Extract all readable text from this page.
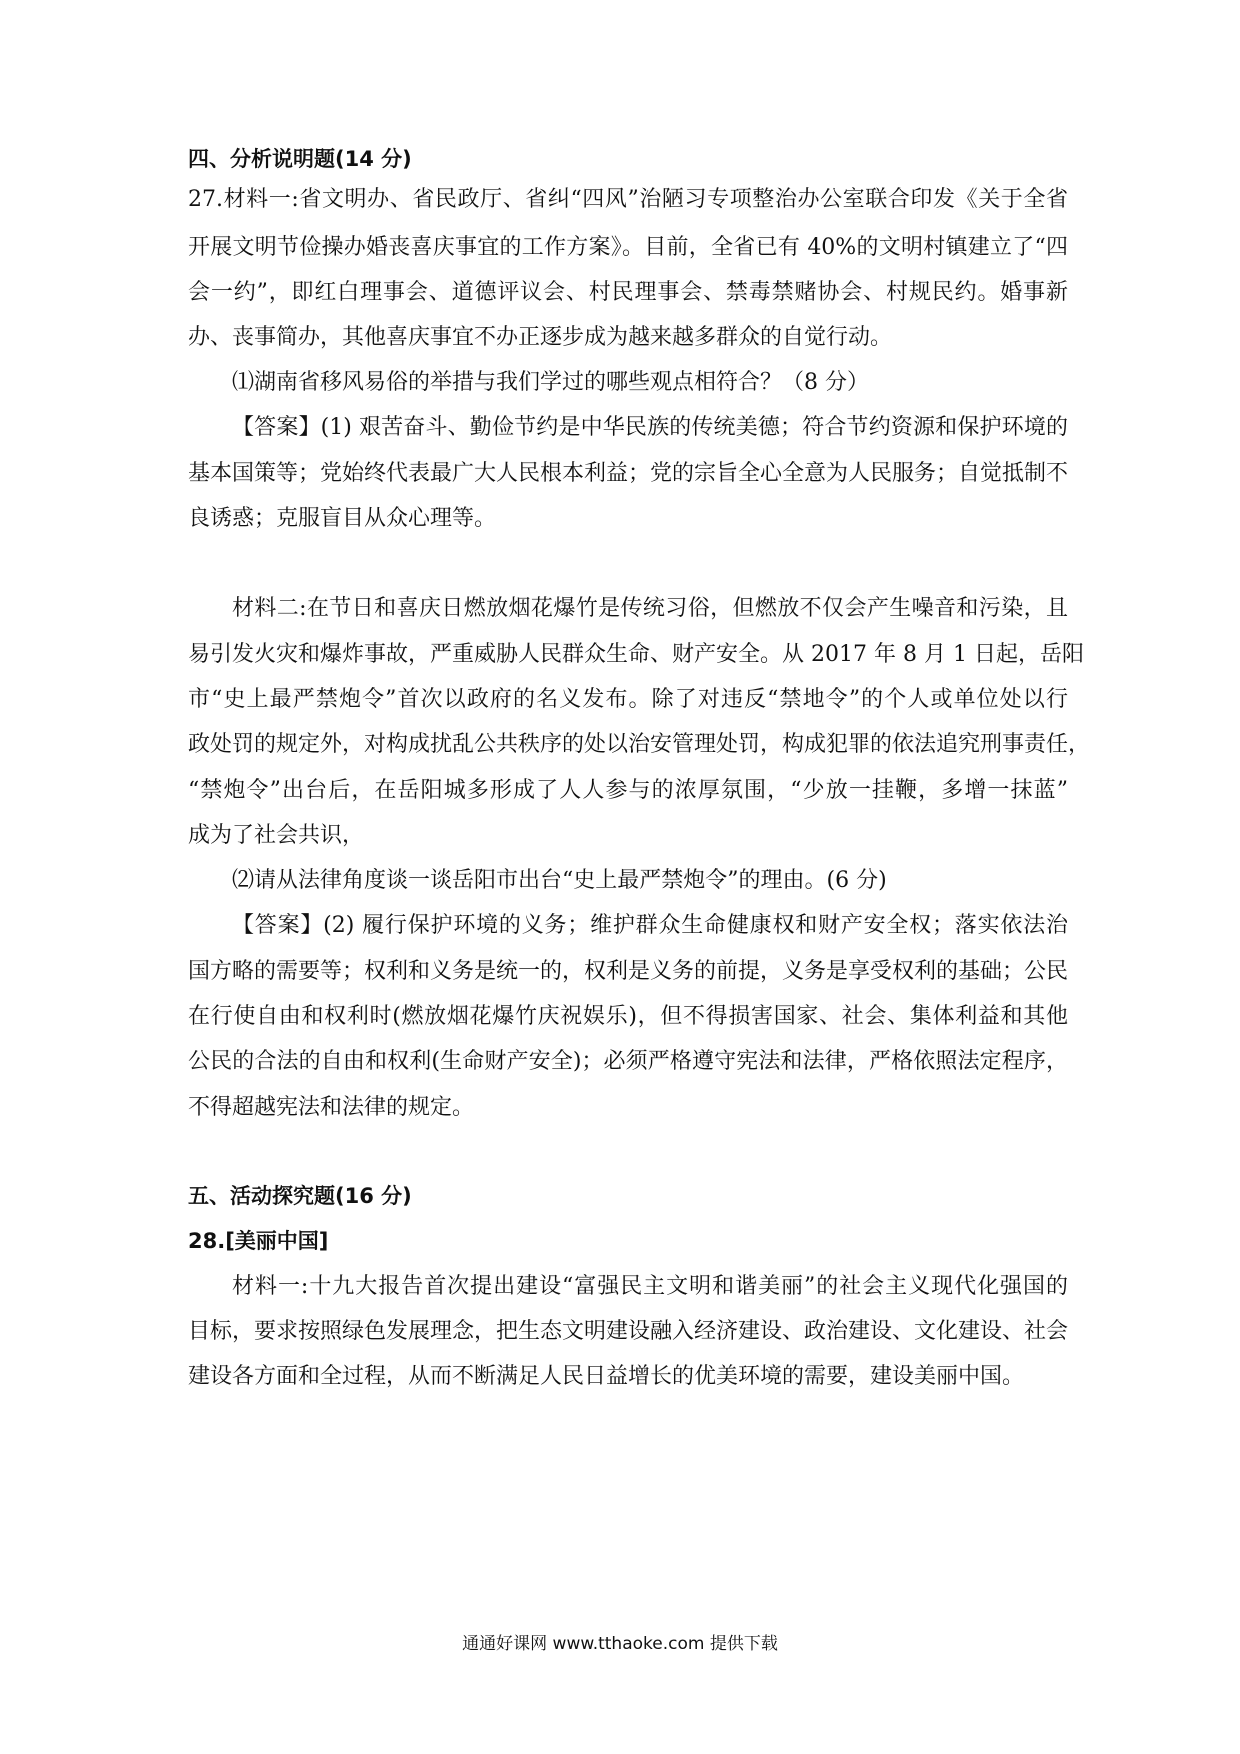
四、分析说明题(14 分)
27.材料一:省文明办、省民政厅、省纠“四风”治陋习专项整治办公室联合印发《关于全省
开展文明节俭操办婚丧喜庆事宜的工作方案》。目前，全省已有 40%的文明村镇建立了“四
会一约”，即红白理事会、道德评议会、村民理事会、禁毒禁赌协会、村规民约。婚事新
办、丧事简办，其他喜庆事宜不办正逐步成为越来越多群众的自觉行动。
⑴湖南省移风易俗的举措与我们学过的哪些观点相符合？（8 分）
【答案】(1) 艰苦奋斗、勤俭节约是中华民族的传统美德；符合节约资源和保护环境的
基本国策等；党始终代表最广大人民根本利益；党的宗旨全心全意为人民服务；自觉抵制不
良诱惑；克服盲目从众心理等。
材料二:在节日和喜庆日燃放烟花爆竹是传统习俗，但燃放不仅会产生噪音和污染，且
易引发火灾和爆炸事故，严重威胁人民群众生命、财产安全。从 2017 年 8 月 1 日起，岳阳
市“史上最严禁炮令”首次以政府的名义发布。除了对违反“禁地令”的个人或单位处以行
政处罚的规定外，对构成扰乱公共秩序的处以治安管理处罚，构成犯罪的依法追究刑事责任，
“禁炮令”出台后，在岳阳城多形成了人人参与的浓厚氛围，“少放一挂鞭，多增一抹蓝”
成为了社会共识，
⑵请从法律角度谈一谈岳阳市出台“史上最严禁炮令”的理由。(6 分)
【答案】(2) 履行保护环境的义务；维护群众生命健康权和财产安全权；落实依法治
国方略的需要等；权利和义务是统一的，权利是义务的前提，义务是享受权利的基础；公民
在行使自由和权利时(燃放烟花爆竹庆祝娱乐)，但不得损害国家、社会、集体利益和其他
公民的合法的自由和权利(生命财产安全)；必须严格遵守宪法和法律，严格依照法定程序，
不得超越宪法和法律的规定。
五、活动探究题(16 分)
28.[美丽中国]
材料一:十九大报告首次提出建设“富强民主文明和谐美丽”的社会主义现代化强国的
目标，要求按照绿色发展理念，把生态文明建设融入经济建设、政治建设、文化建设、社会
建设各方面和全过程，从而不断满足人民日益增长的优美环境的需要，建设美丽中国。
通通好课网 www.tthaoke.com 提供下载
